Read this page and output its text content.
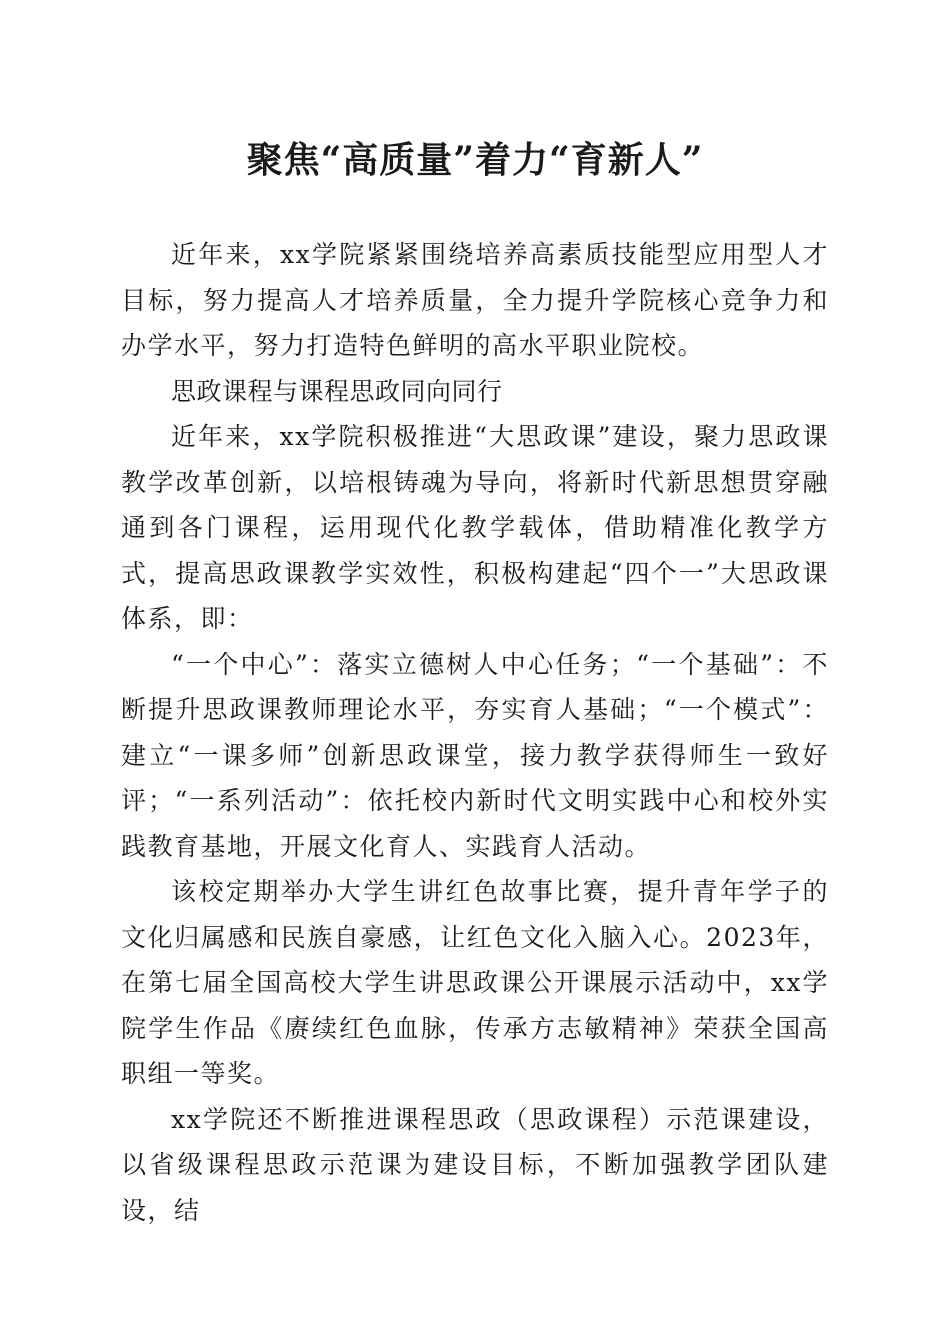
聚焦“高质量”着力“育新人”

近年来，xx学院紧紧围绕培养高素质技能型应用型人才目标，努力提高人才培养质量，全力提升学院核心竞争力和办学水平，努力打造特色鲜明的高水平职业院校。

思政课程与课程思政同向同行

近年来，xx学院积极推进“大思政课”建设，聚力思政课教学改革创新，以培根铸魂为导向，将新时代新思想贯穿融通到各门课程，运用现代化教学载体，借助精准化教学方式，提高思政课教学实效性，积极构建起“四个一”大思政课体系，即：

“一个中心”：落实立德树人中心任务；“一个基础”：不断提升思政课教师理论水平，夯实育人基础；“一个模式”：建立“一课多师”创新思政课堂，接力教学获得师生一致好评；“一系列活动”：依托校内新时代文明实践中心和校外实践教育基地，开展文化育人、实践育人活动。

该校定期举办大学生讲红色故事比赛，提升青年学子的文化归属感和民族自豪感，让红色文化入脑入心。2023年，在第七届全国高校大学生讲思政课公开课展示活动中，xx学院学生作品《赓续红色血脉，传承方志敏精神》荣获全国高职组一等奖。

xx学院还不断推进课程思政（思政课程）示范课建设，以省级课程思政示范课为建设目标，不断加强教学团队建设，结
